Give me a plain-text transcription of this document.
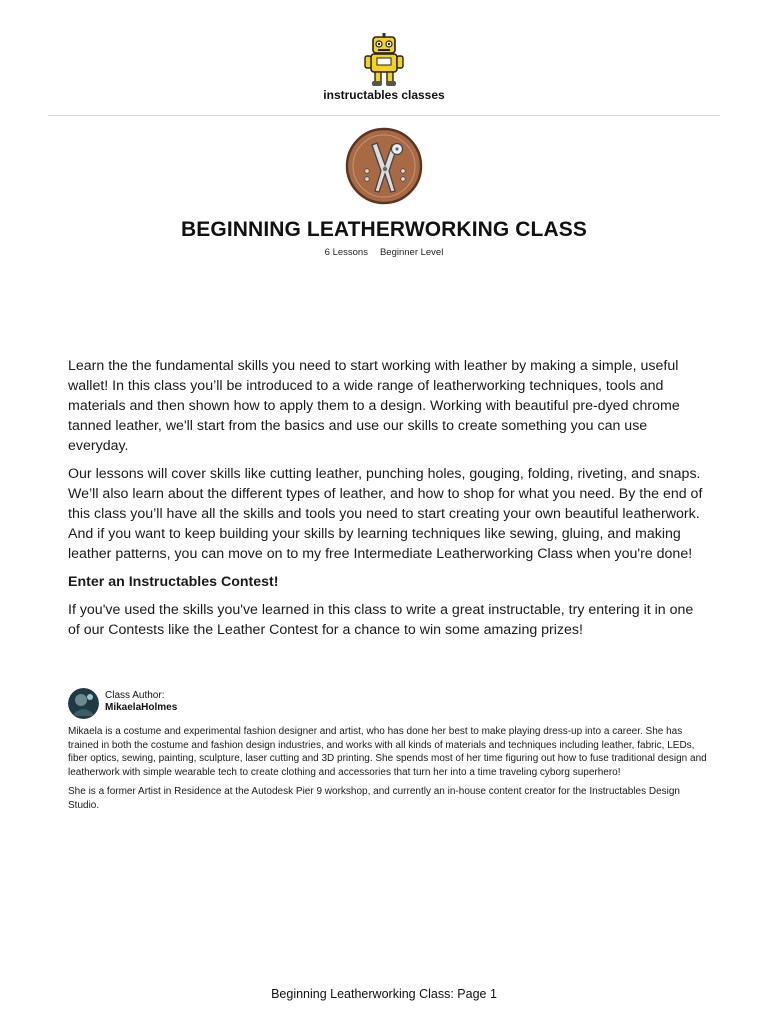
instructables classes
BEGINNING LEATHERWORKING CLASS
6 Lessons Beginner Level

Learn the the fundamental skills you need to start working with leather by making a simple, useful wallet! In this class you’ll be introduced to a wide range of leatherworking techniques, tools and materials and then shown how to apply them to a design. Working with beautiful pre-dyed chrome tanned leather, we'll start from the basics and use our skills to create something you can use everyday.

Our lessons will cover skills like cutting leather, punching holes, gouging, folding, riveting, and snaps. We’ll also learn about the different types of leather, and how to shop for what you need. By the end of this class you’ll have all the skills and tools you need to start creating your own beautiful leatherwork. And if you want to keep building your skills by learning techniques like sewing, gluing, and making leather patterns, you can move on to my free Intermediate Leatherworking Class when you're done!

Enter an Instructables Contest!

If you've used the skills you've learned in this class to write a great instructable, try entering it in one of our Contests like the Leather Contest for a chance to win some amazing prizes!

Class Author:
MikaelaHolmes

Mikaela is a costume and experimental fashion designer and artist, who has done her best to make playing dress-up into a career. She has trained in both the costume and fashion design industries, and works with all kinds of materials and techniques including leather, fabric, LEDs, fiber optics, sewing, painting, sculpture, laser cutting and 3D printing. She spends most of her time figuring out how to fuse traditional design and leatherwork with simple wearable tech to create clothing and accessories that turn her into a time traveling cyborg superhero!

She is a former Artist in Residence at the Autodesk Pier 9 workshop, and currently an in-house content creator for the Instructables Design Studio.

Beginning Leatherworking Class: Page 1
